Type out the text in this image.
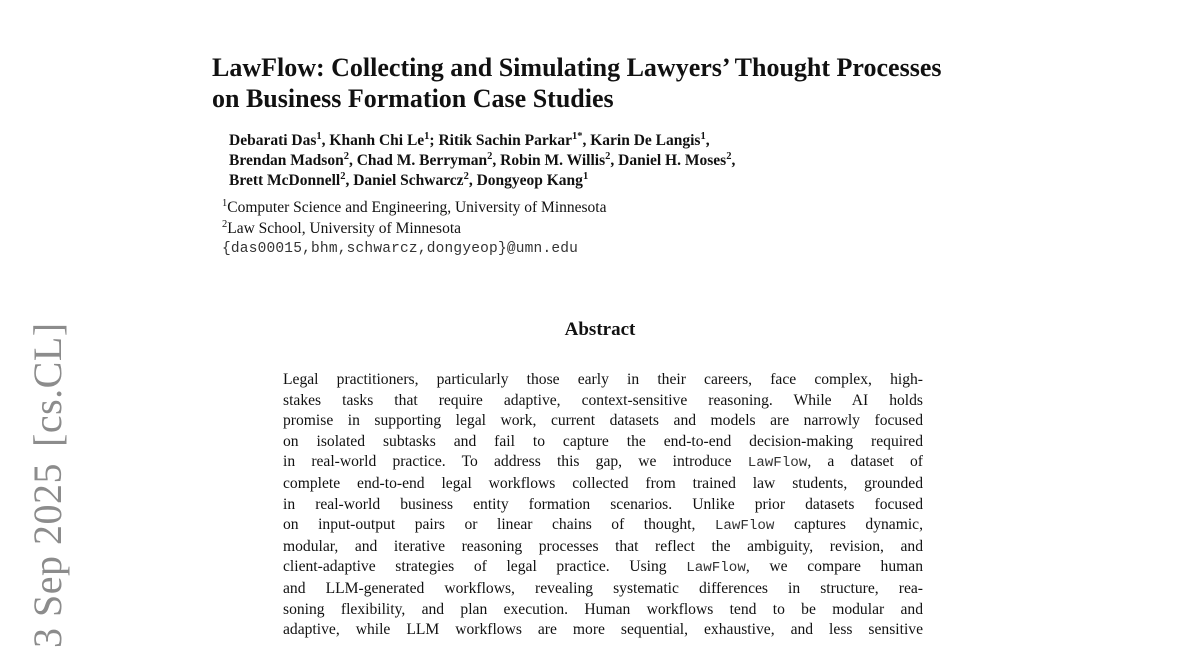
3 Sep 2025[cs.CL]
LawFlow: Collecting and Simulating Lawyers’ Thought Processes
on Business Formation Case Studies
Debarati Das$^1$, Khanh Chi Le$^1$; Ritik Sachin Parkar$^{1*}$, Karin De Langis$^1$,
Brendan Madson$^2$, Chad M. Berryman$^2$, Robin M. Willis$^2$, Daniel H. Moses$^2$,
Brett McDonnell$^2$, Daniel Schwarcz$^2$, Dongyeop Kang$^1$
$^1$Computer Science and Engineering, University of Minnesota
$^2$Law School, University of Minnesota
{das00015,bhm,schwarcz,dongyeop}@umn.edu
Abstract
Legal practitioners, particularly those early in their careers, face complex, high-
stakes tasks that require adaptive, context-sensitive reasoning. While AI holds
promise in supporting legal work, current datasets and models are narrowly focused
on isolated subtasks and fail to capture the end-to-end decision-making required
in real-world practice. To address this gap, we introduce LawFlow, a dataset of
complete end-to-end legal workflows collected from trained law students, grounded
in real-world business entity formation scenarios. Unlike prior datasets focused
on input-output pairs or linear chains of thought, LawFlow captures dynamic,
modular, and iterative reasoning processes that reflect the ambiguity, revision, and
client-adaptive strategies of legal practice. Using LawFlow, we compare human
and LLM-generated workflows, revealing systematic differences in structure, rea-
soning flexibility, and plan execution. Human workflows tend to be modular and
adaptive, while LLM workflows are more sequential, exhaustive, and less sensitive
